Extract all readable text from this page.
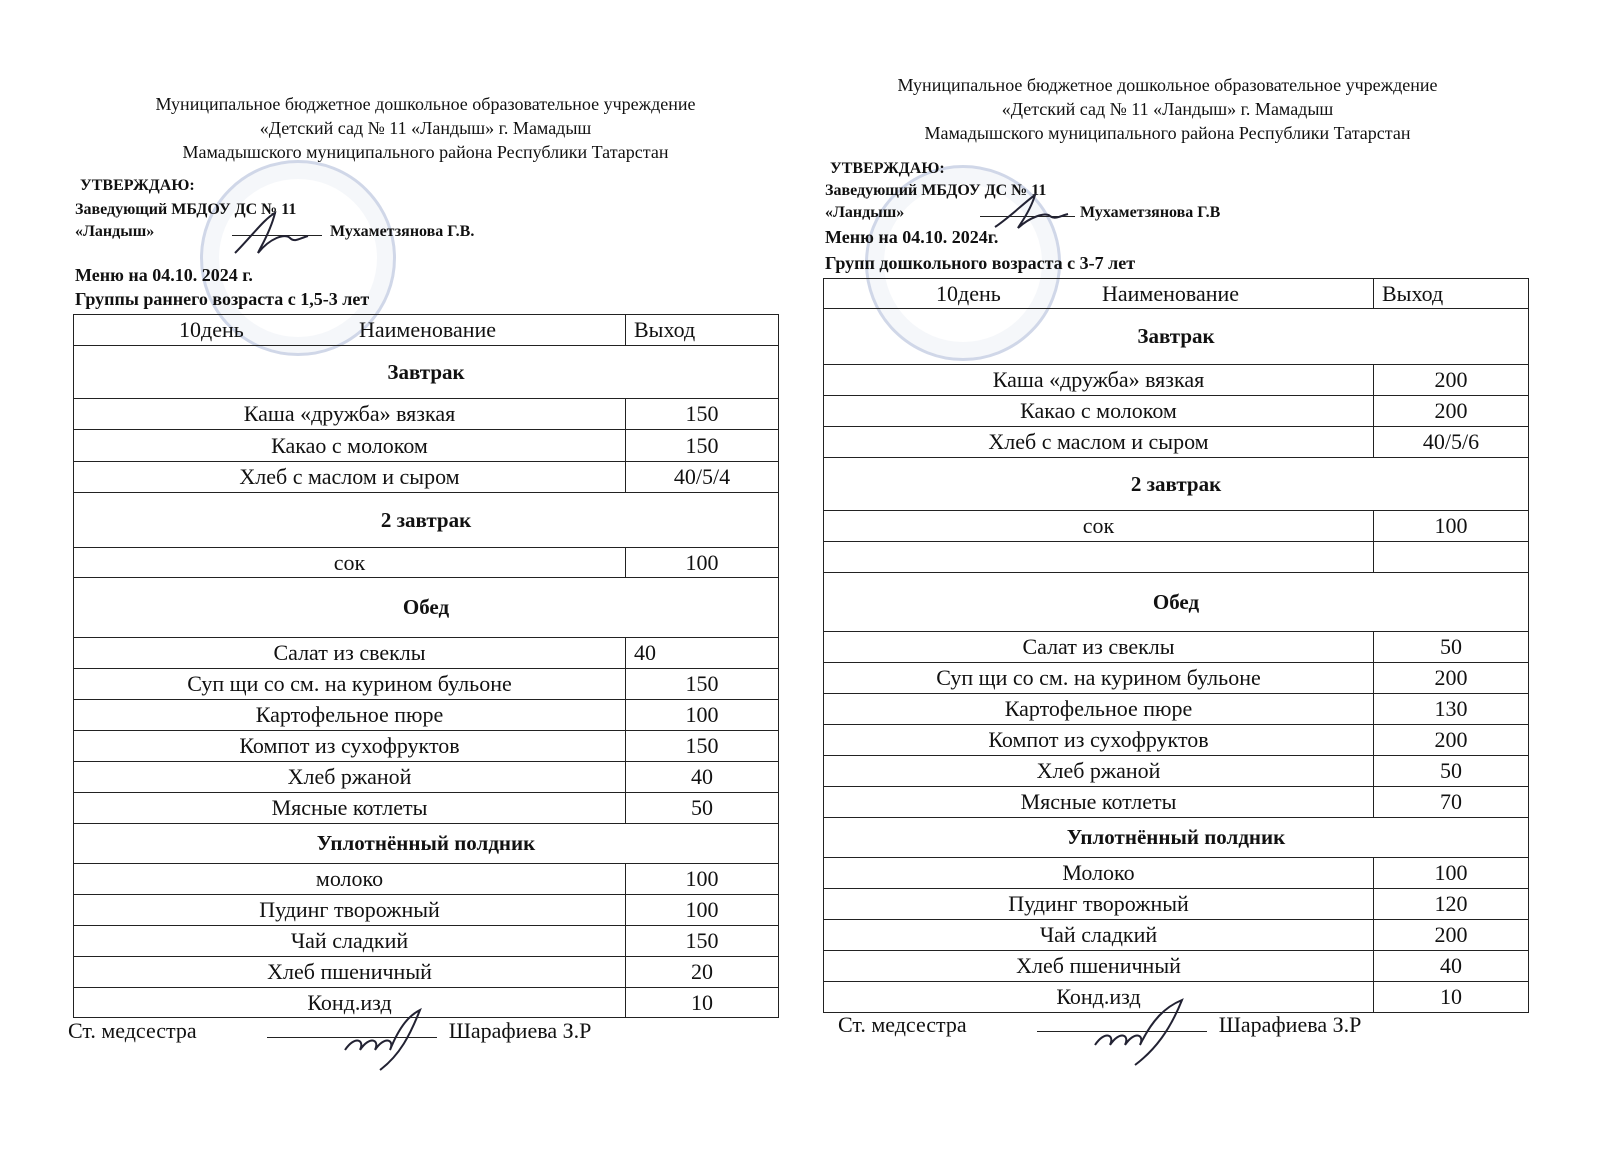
Муниципальное бюджетное дошкольное образовательное учреждение
«Детский сад № 11 «Ландыш» г. Мамадыш
Мамадышского муниципального района Республики Татарстан
УТВЕРЖДАЮ:
Заведующий МБДОУ ДС № 11
«Ландыш»	Мухаметзянова Г.В.
Меню на 04.10. 2024 г.
Группы раннего возраста с 1,5-3 лет
10день Наименование	Выход
Завтрак	
Каша «дружба» вязкая	150
Какао с молоком	150
Хлеб с маслом и сыром	40/5/4
2 завтрак	
сок	100
Обед	
Салат из свеклы	40
Суп щи со см. на курином бульоне	150
Картофельное пюре	100
Компот из сухофруктов	150
Хлеб ржаной	40
Мясные котлеты	50
Уплотнённый полдник	
молоко	100
Пудинг творожный	100
Чай сладкий	150
Хлеб пшеничный	20
Конд.изд	10
Ст. медсестра	Шарафиева З.Р
Муниципальное бюджетное дошкольное образовательное учреждение
«Детский сад № 11 «Ландыш» г. Мамадыш
Мамадышского муниципального района Республики Татарстан
УТВЕРЖДАЮ:
Заведующий МБДОУ ДС № 11
«Ландыш»	Мухаметзянова Г.В
Меню на 04.10. 2024г.
Групп дошкольного возраста с 3-7 лет
10день Наименование	Выход
Завтрак	
Каша «дружба» вязкая	200
Какао с молоком	200
Хлеб с маслом и сыром	40/5/6
2 завтрак	
сок	100

Обед	
Салат из свеклы	50
Суп щи со см. на курином бульоне	200
Картофельное пюре	130
Компот из сухофруктов	200
Хлеб ржаной	50
Мясные котлеты	70
Уплотнённый полдник	
Молоко	100
Пудинг творожный	120
Чай сладкий	200
Хлеб пшеничный	40
Конд.изд	10
Ст. медсестра	Шарафиева З.Р
